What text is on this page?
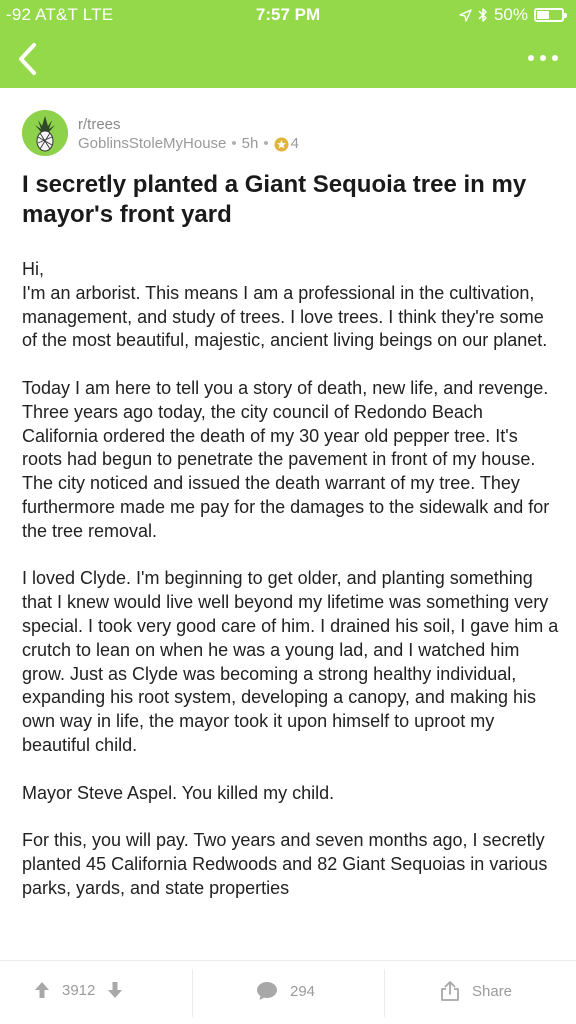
-92 AT&T LTE	7:57 PM	50%
r/trees
GoblinsStoleMyHouse • 5h • 4
I secretly planted a Giant Sequoia tree in my mayor's front yard

Hi,
I'm an arborist. This means I am a professional in the cultivation, management, and study of trees. I love trees. I think they're some of the most beautiful, majestic, ancient living beings on our planet.

Today I am here to tell you a story of death, new life, and revenge. Three years ago today, the city council of Redondo Beach California ordered the death of my 30 year old pepper tree. It's roots had begun to penetrate the pavement in front of my house. The city noticed and issued the death warrant of my tree. They furthermore made me pay for the damages to the sidewalk and for the tree removal.

I loved Clyde. I'm beginning to get older, and planting something that I knew would live well beyond my lifetime was something very special. I took very good care of him. I drained his soil, I gave him a crutch to lean on when he was a young lad, and I watched him grow. Just as Clyde was becoming a strong healthy individual, expanding his root system, developing a canopy, and making his own way in life, the mayor took it upon himself to uproot my beautiful child.

Mayor Steve Aspel. You killed my child.

For this, you will pay. Two years and seven months ago, I secretly planted 45 California Redwoods and 82 Giant Sequoias in various parks, yards, and state properties

3912	294	Share
